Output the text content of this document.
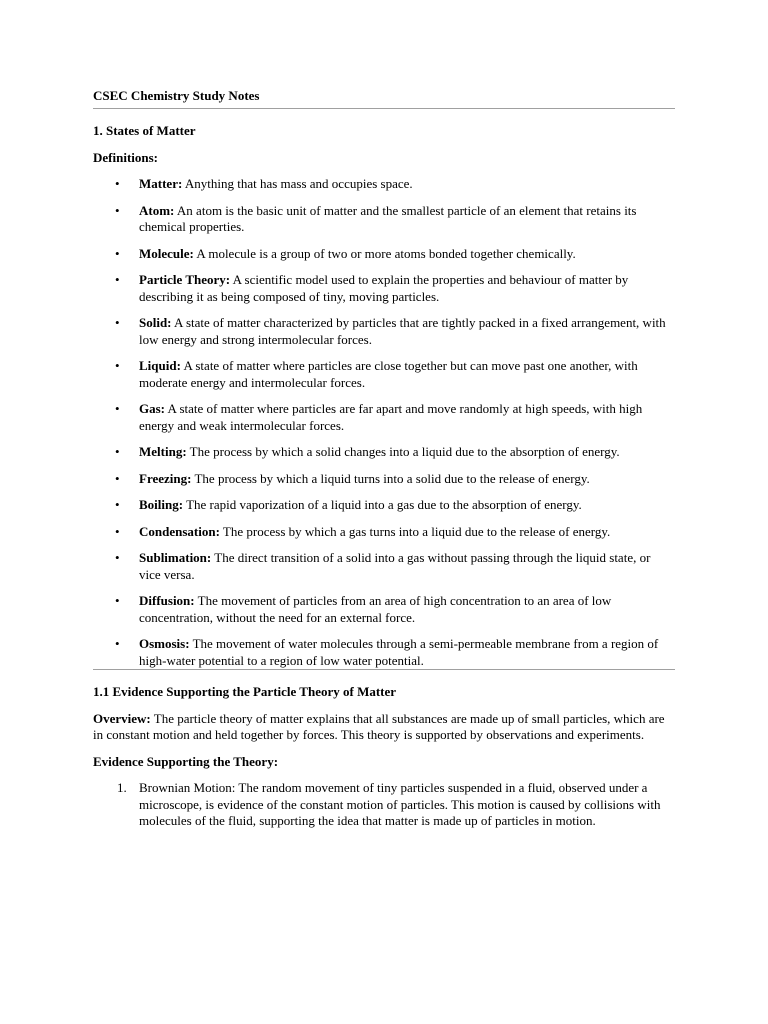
CSEC Chemistry Study Notes

1. States of Matter

Definitions:

• Matter: Anything that has mass and occupies space.
• Atom: An atom is the basic unit of matter and the smallest particle of an element that retains its chemical properties.
• Molecule: A molecule is a group of two or more atoms bonded together chemically.
• Particle Theory: A scientific model used to explain the properties and behaviour of matter by describing it as being composed of tiny, moving particles.
• Solid: A state of matter characterized by particles that are tightly packed in a fixed arrangement, with low energy and strong intermolecular forces.
• Liquid: A state of matter where particles are close together but can move past one another, with moderate energy and intermolecular forces.
• Gas: A state of matter where particles are far apart and move randomly at high speeds, with high energy and weak intermolecular forces.
• Melting: The process by which a solid changes into a liquid due to the absorption of energy.
• Freezing: The process by which a liquid turns into a solid due to the release of energy.
• Boiling: The rapid vaporization of a liquid into a gas due to the absorption of energy.
• Condensation: The process by which a gas turns into a liquid due to the release of energy.
• Sublimation: The direct transition of a solid into a gas without passing through the liquid state, or vice versa.
• Diffusion: The movement of particles from an area of high concentration to an area of low concentration, without the need for an external force.
• Osmosis: The movement of water molecules through a semi-permeable membrane from a region of high-water potential to a region of low water potential.

1.1 Evidence Supporting the Particle Theory of Matter

Overview: The particle theory of matter explains that all substances are made up of small particles, which are in constant motion and held together by forces. This theory is supported by observations and experiments.

Evidence Supporting the Theory:

1. Brownian Motion: The random movement of tiny particles suspended in a fluid, observed under a microscope, is evidence of the constant motion of particles. This motion is caused by collisions with molecules of the fluid, supporting the idea that matter is made up of particles in motion.
